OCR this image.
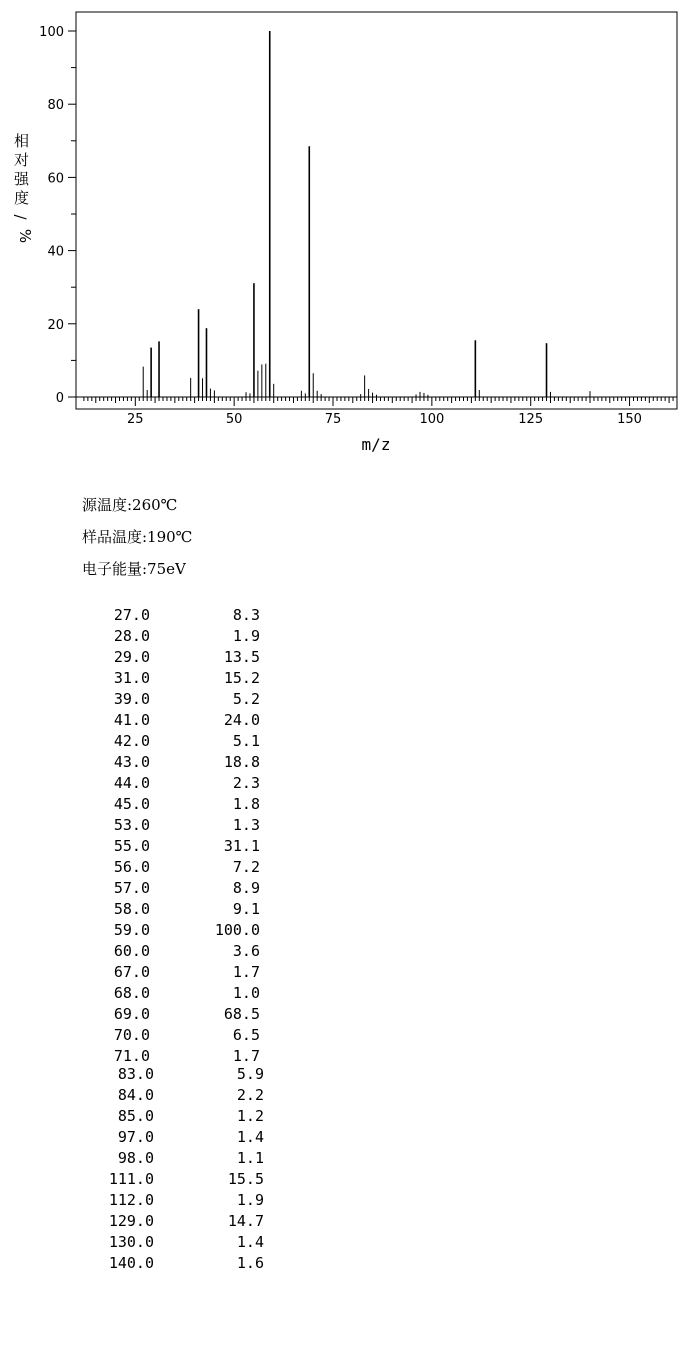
0
20
40
60
80
100
25	50	75	100	125	150
m/z
相
对
强
度
/
%
源温度:260℃
样品温度:190℃
电子能量:75eV
27.0	8.3
28.0	1.9
29.0	13.5
31.0	15.2
39.0	5.2
41.0	24.0
42.0	5.1
43.0	18.8
44.0	2.3
45.0	1.8
53.0	1.3
55.0	31.1
56.0	7.2
57.0	8.9
58.0	9.1
59.0	100.0
60.0	3.6
67.0	1.7
68.0	1.0
69.0	68.5
70.0	6.5
71.0	1.7
83.0	5.9
84.0	2.2
85.0	1.2
97.0	1.4
98.0	1.1
111.0	15.5
112.0	1.9
129.0	14.7
130.0	1.4
140.0	1.6
